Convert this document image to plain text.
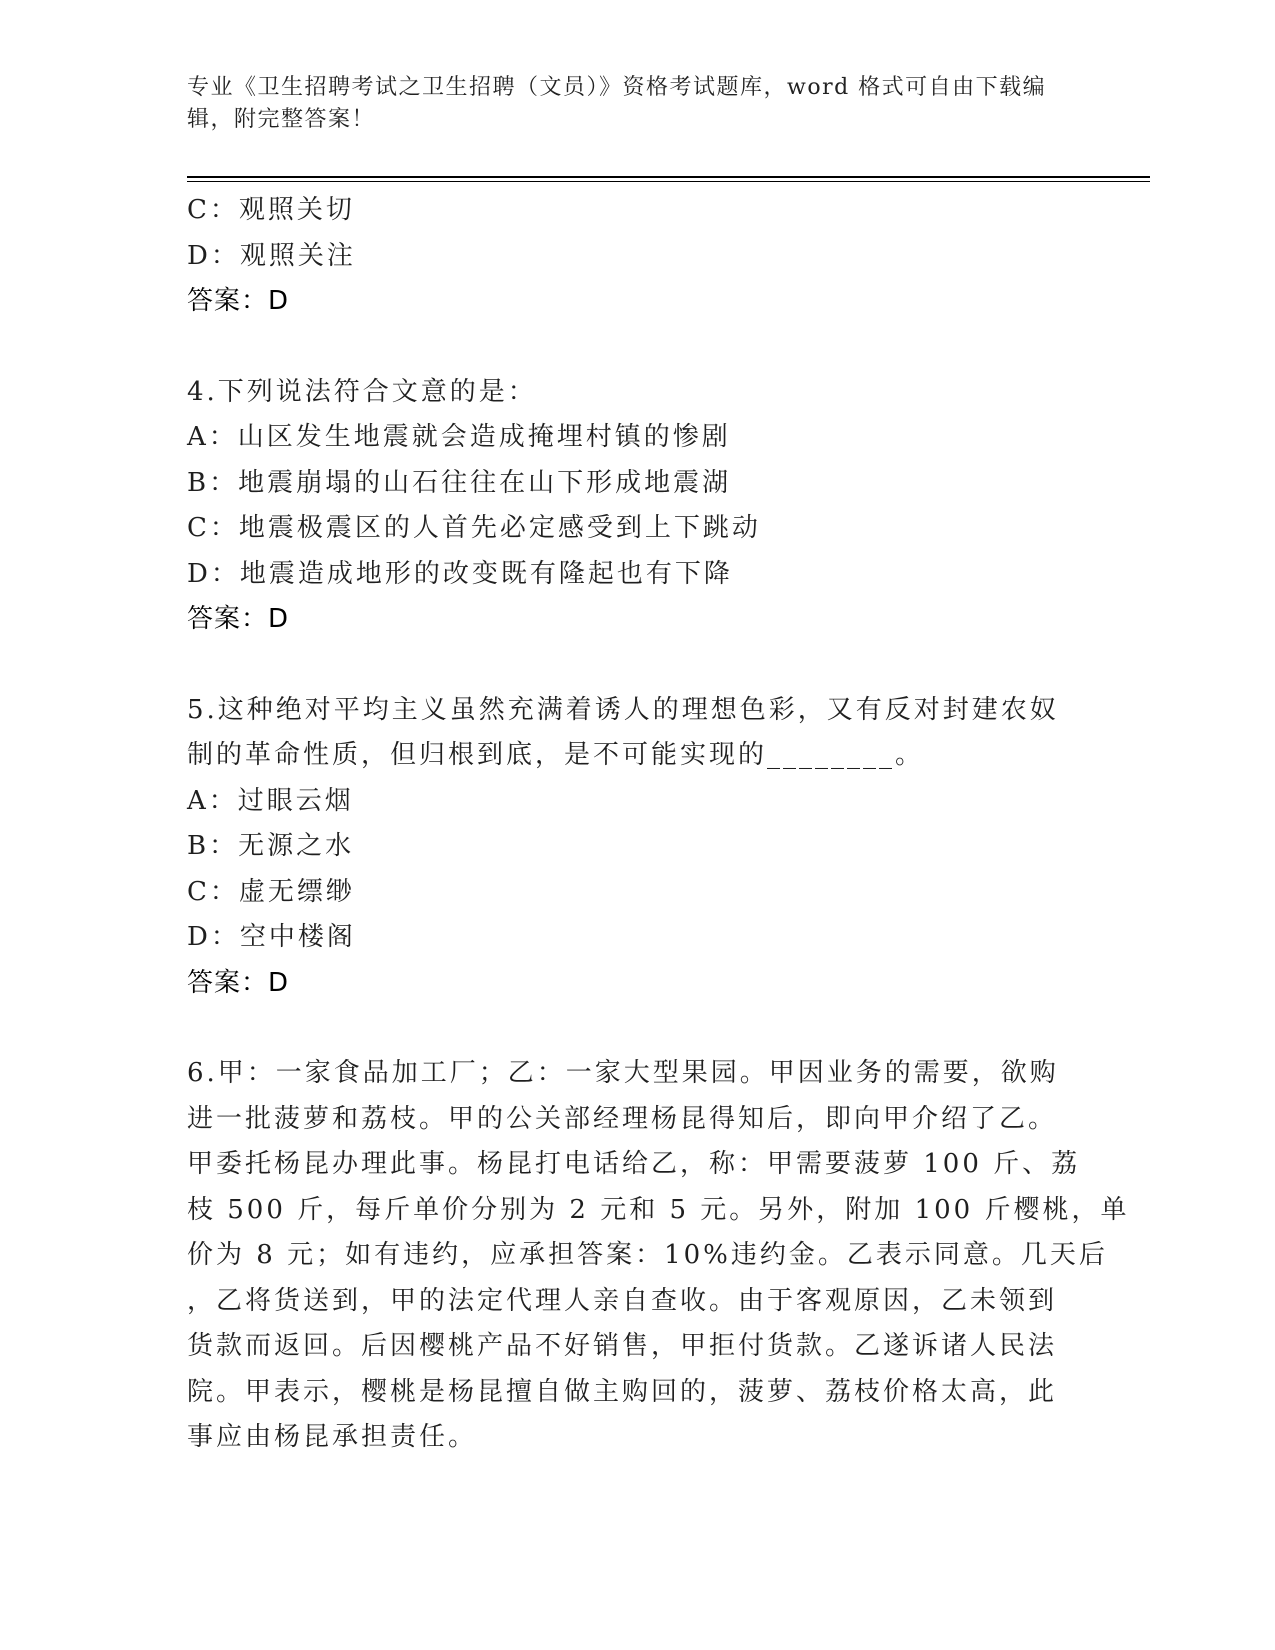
专业《卫生招聘考试之卫生招聘（文员）》资格考试题库，word 格式可自由下载编辑，附完整答案！
C：观照关切
D：观照关注
答案：D
4.下列说法符合文意的是：
A：山区发生地震就会造成掩埋村镇的惨剧
B：地震崩塌的山石往往在山下形成地震湖
C：地震极震区的人首先必定感受到上下跳动
D：地震造成地形的改变既有隆起也有下降
答案：D
5.这种绝对平均主义虽然充满着诱人的理想色彩，又有反对封建农奴
制的革命性质，但归根到底，是不可能实现的________。
A：过眼云烟
B：无源之水
C：虚无缥缈
D：空中楼阁
答案：D
6.甲：一家食品加工厂；乙：一家大型果园。甲因业务的需要，欲购
进一批菠萝和荔枝。甲的公关部经理杨昆得知后，即向甲介绍了乙。
甲委托杨昆办理此事。杨昆打电话给乙，称：甲需要菠萝 100 斤、荔
枝 500 斤，每斤单价分别为 2 元和 5 元。另外，附加 100 斤樱桃，单
价为 8 元；如有违约，应承担答案：10%违约金。乙表示同意。几天后
，乙将货送到，甲的法定代理人亲自查收。由于客观原因，乙未领到
货款而返回。后因樱桃产品不好销售，甲拒付货款。乙遂诉诸人民法
院。甲表示，樱桃是杨昆擅自做主购回的，菠萝、荔枝价格太高，此
事应由杨昆承担责任。
